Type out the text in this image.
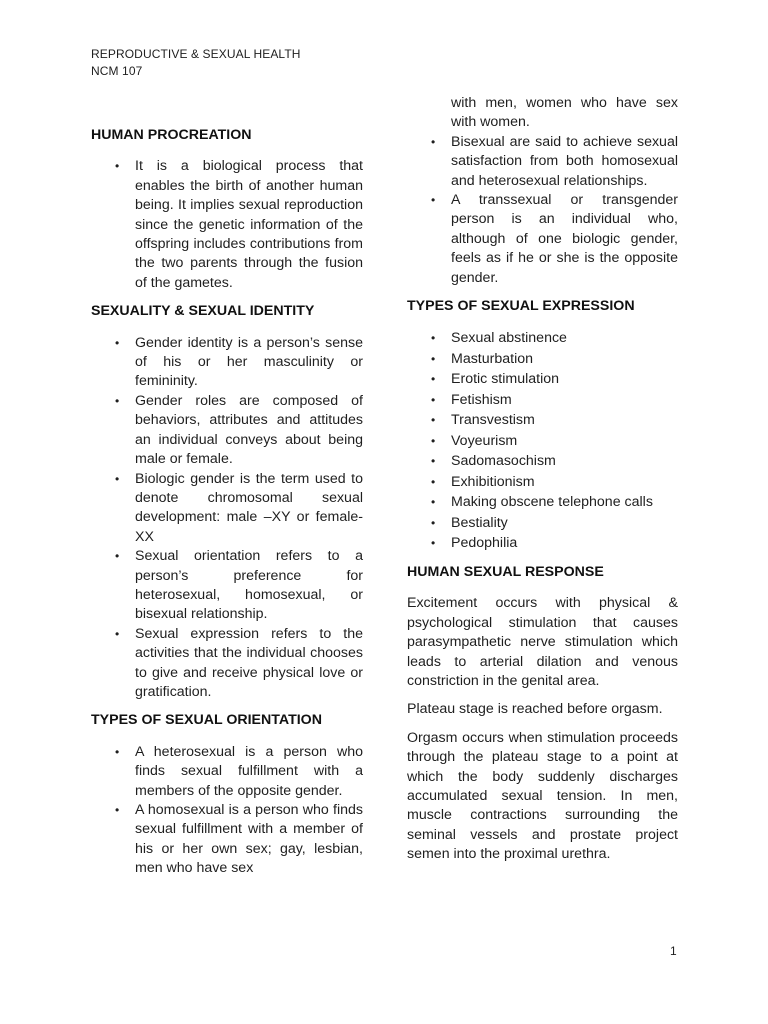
REPRODUCTIVE & SEXUAL HEALTH
NCM 107
HUMAN PROCREATION
• It is a biological process that enables the birth of another human being. It implies sexual reproduction since the genetic information of the offspring includes contributions from the two parents through the fusion of the gametes.
SEXUALITY & SEXUAL IDENTITY
• Gender identity is a person’s sense of his or her masculinity or femininity.
• Gender roles are composed of behaviors, attributes and attitudes an individual conveys about being male or female.
• Biologic gender is the term used to denote chromosomal sexual development: male –XY or female- XX
• Sexual orientation refers to a person’s preference for heterosexual, homosexual, or bisexual relationship.
• Sexual expression refers to the activities that the individual chooses to give and receive physical love or gratification.
TYPES OF SEXUAL ORIENTATION
• A heterosexual is a person who finds sexual fulfillment with a members of the opposite gender.
• A homosexual is a person who finds sexual fulfillment with a member of his or her own sex; gay, lesbian, men who have sex
with men, women who have sex with women.
• Bisexual are said to achieve sexual satisfaction from both homosexual and heterosexual relationships.
• A transsexual or transgender person is an individual who, although of one biologic gender, feels as if he or she is the opposite gender.
TYPES OF SEXUAL EXPRESSION
• Sexual abstinence
• Masturbation
• Erotic stimulation
• Fetishism
• Transvestism
• Voyeurism
• Sadomasochism
• Exhibitionism
• Making obscene telephone calls
• Bestiality
• Pedophilia
HUMAN SEXUAL RESPONSE

Excitement occurs with physical & psychological stimulation that causes parasympathetic nerve stimulation which leads to arterial dilation and venous constriction in the genital area.

Plateau stage is reached before orgasm.

Orgasm occurs when stimulation proceeds through the plateau stage to a point at which the body suddenly discharges accumulated sexual tension. In men, muscle contractions surrounding the seminal vessels and prostate project semen into the proximal urethra.

1
